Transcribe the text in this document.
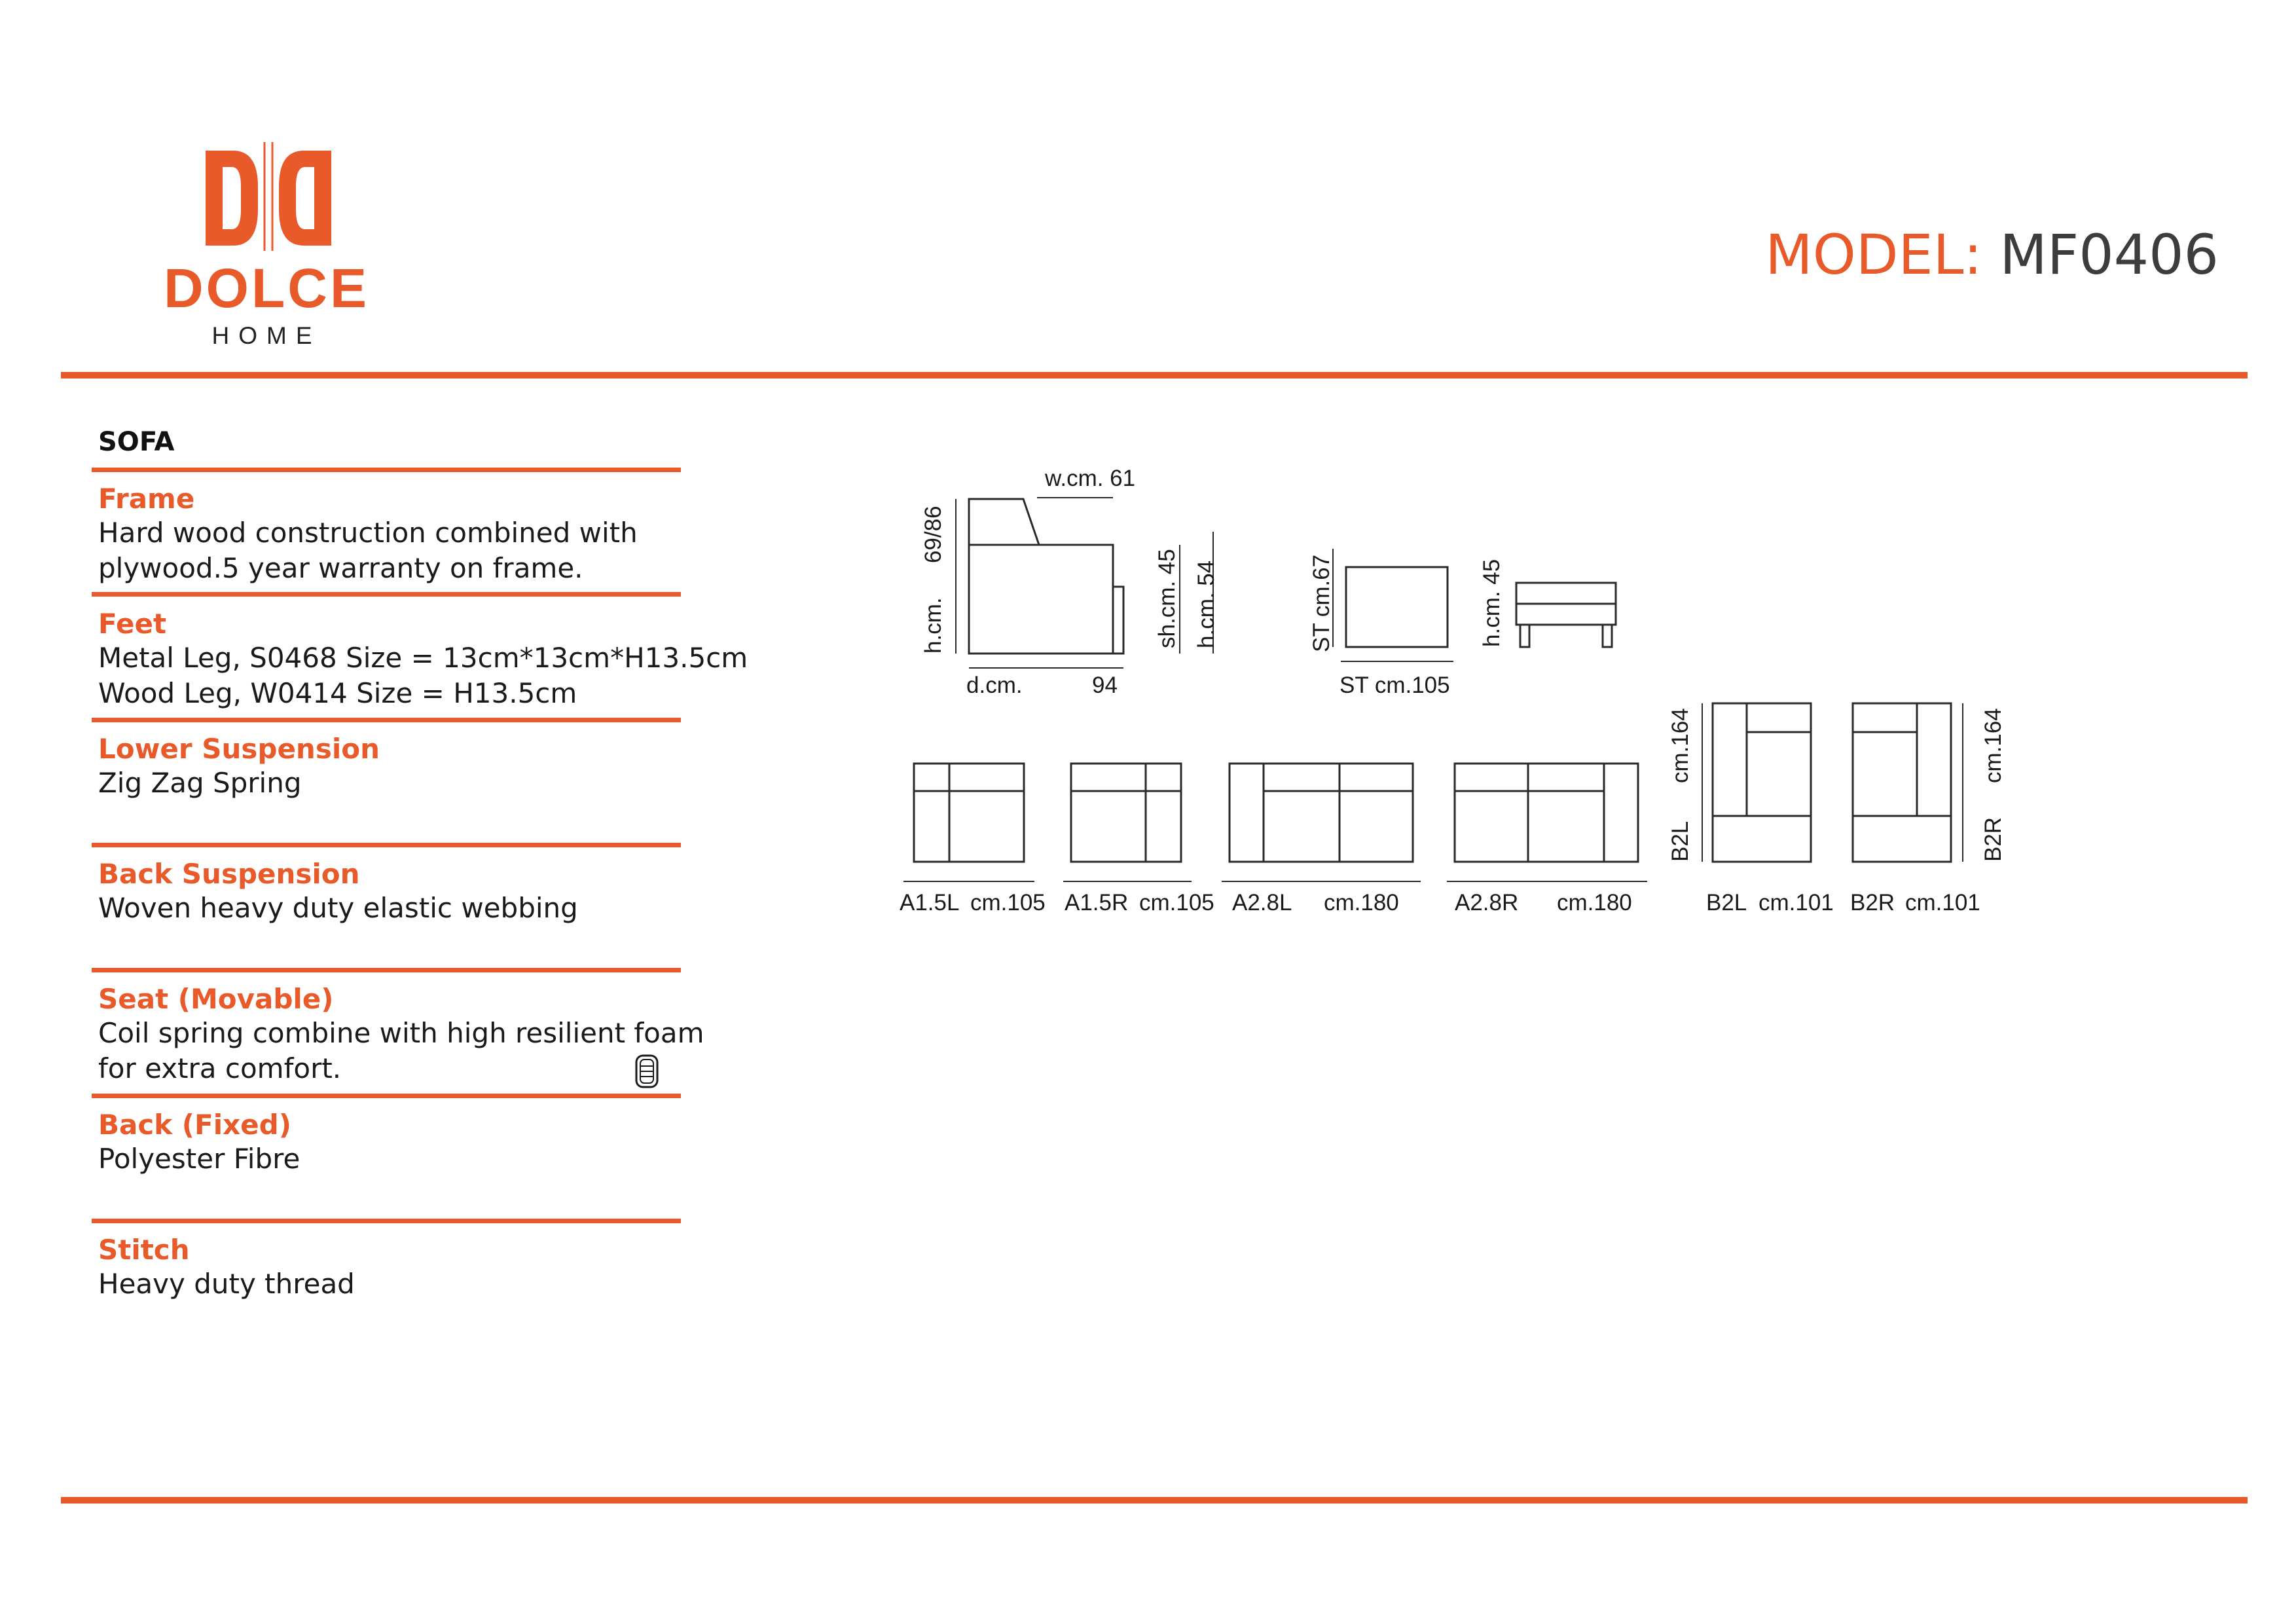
DOLCE
HOME
MODEL: MF0406
SOFA
Frame
Hard wood construction combined with
plywood.5 year warranty on frame.
Feet
Metal Leg, S0468 Size = 13cm*13cm*H13.5cm
Wood Leg, W0414 Size = H13.5cm
Lower Suspension
Zig Zag Spring
Back Suspension
Woven heavy duty elastic webbing
Seat (Movable)
Coil spring combine with high resilient foam
for extra comfort.
Back (Fixed)
Polyester Fibre
Stitch
Heavy duty thread
w.cm. 61
h.cm.
69/86
d.cm.	94
sh.cm. 45 h.cm. 54	ST cm.67
ST cm.105
h.cm. 45
A1.5L cm.105 A1.5R cm.105 A2.8L cm.180 A2.8R cm.180	B2L cm.101 B2R cm.101
B2L
cm.164
B2R
cm.164
